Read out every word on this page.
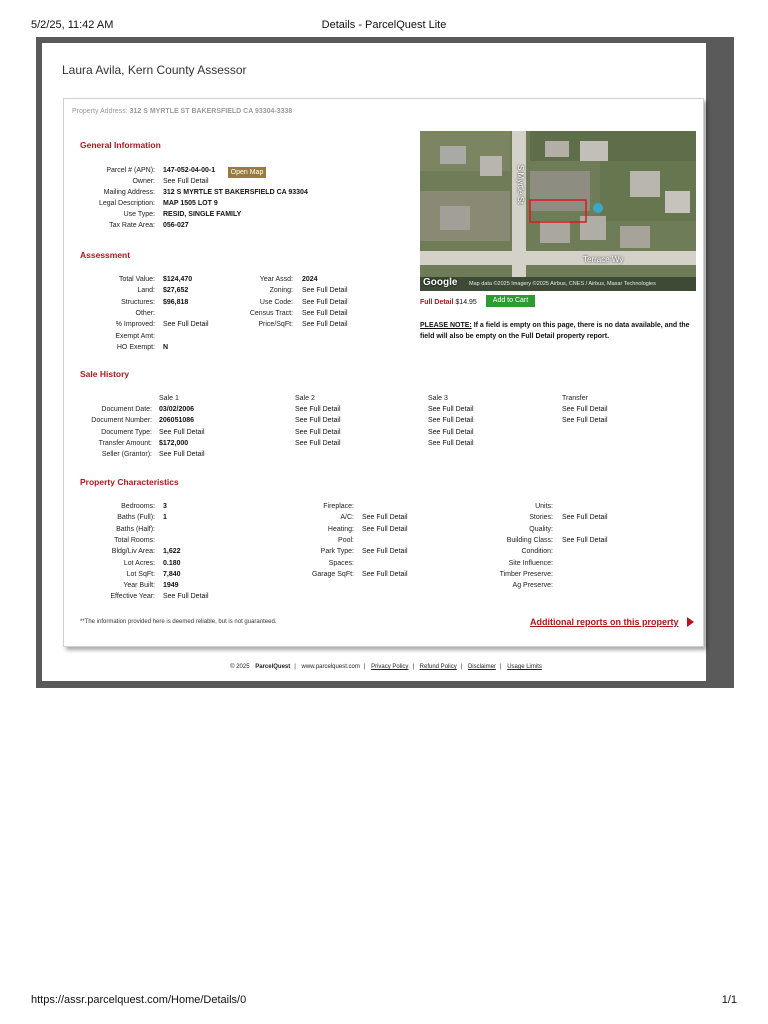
5/2/25, 11:42 AM	Details - ParcelQuest Lite
Laura Avila, Kern County Assessor
Property Address: 312 S MYRTLE ST BAKERSFIELD CA 93304-3338
General Information
Parcel # (APN): 147-052-04-00-1
Owner: See Full Detail
Mailing Address: 312 S MYRTLE ST BAKERSFIELD CA 93304
Legal Description: MAP 1505 LOT 9
Use Type: RESID, SINGLE FAMILY
Tax Rate Area: 056-027
Open Map	S Myrtle St
Terrace Wy
Google Map data ©2025 Imagery ©2025 Airbus, CNES / Airbus, Maxar Technologies
Full Detail $14.95	Add to Cart
PLEASE NOTE: If a field is empty on this page, there is no data available, and the field will also be empty on the Full Detail property report.
Assessment
Total Value: $124,470
Land: $27,652
Structures: $96,818
Other:
% Improved: See Full Detail
Exempt Amt:
HO Exempt: N
Year Assd: 2024
Zoning: See Full Detail
Use Code: See Full Detail
Census Tract: See Full Detail
Price/SqFt: See Full Detail
Sale History
Sale 1	Sale 2	Sale 3	Transfer
Document Date: 03/02/2006	See Full Detail	See Full Detail	See Full Detail
Document Number: 206051086	See Full Detail	See Full Detail	See Full Detail
Document Type: See Full Detail	See Full Detail	See Full Detail
Transfer Amount: $172,000	See Full Detail	See Full Detail
Seller (Grantor): See Full Detail
Property Characteristics
Bedrooms: 3
Baths (Full): 1
Baths (Half):
Total Rooms:
Bldg/Liv Area: 1,622
Lot Acres: 0.180
Lot SqFt: 7,840
Year Built: 1949
Effective Year: See Full Detail
Fireplace:
A/C: See Full Detail
Heating: See Full Detail
Pool:
Park Type: See Full Detail
Spaces:
Garage SqFt: See Full Detail
Units:
Stories: See Full Detail
Quality:
Building Class: See Full Detail
Condition:
Site Influence:
Timber Preserve:
Ag Preserve:
**The information provided here is deemed reliable, but is not guaranteed.	Additional reports on this property
© 2025 ParcelQuest | www.parcelquest.com | Privacy Policy | Refund Policy | Disclaimer | Usage Limits
https://assr.parcelquest.com/Home/Details/0	1/1
